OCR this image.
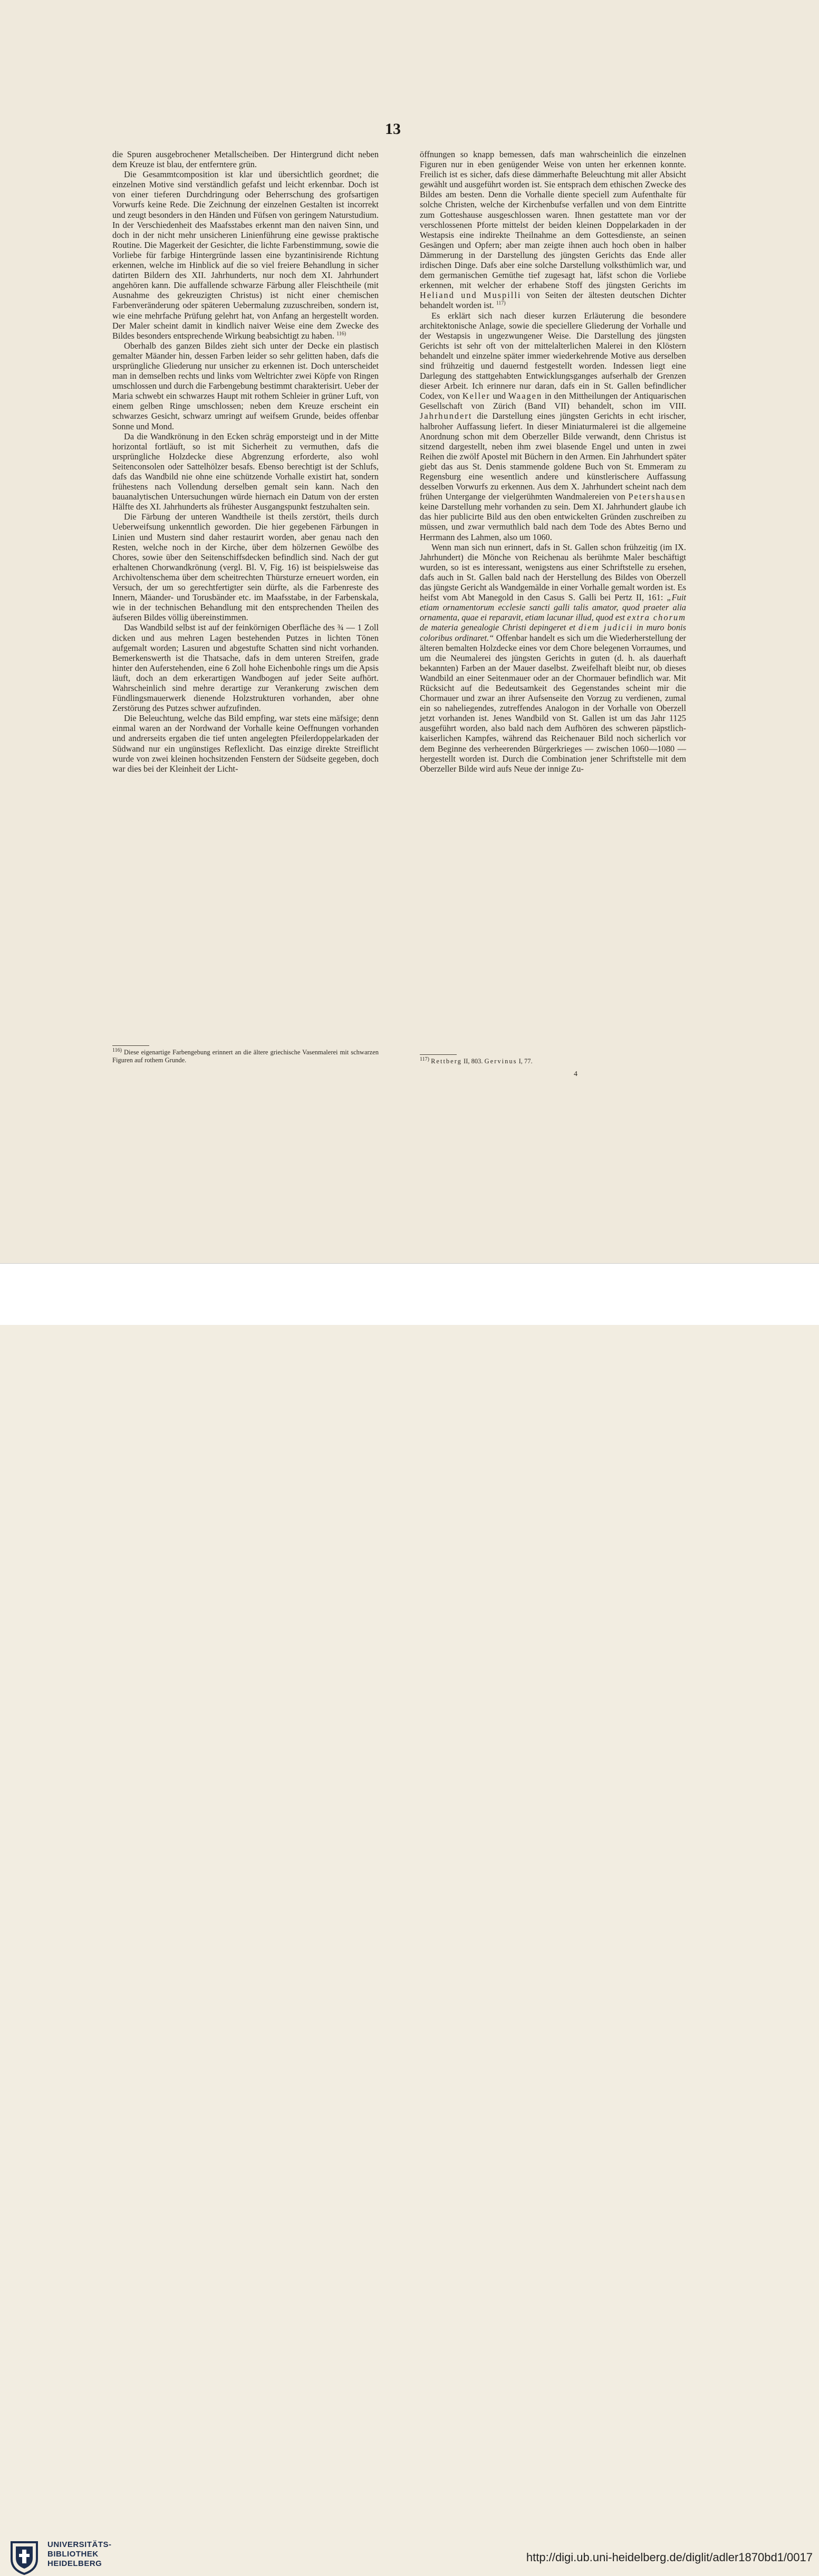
13

die Spuren ausgebrochener Metallscheiben. Der Hintergrund dicht neben dem Kreuze ist blau, der entferntere grün.

Die Gesammtcomposition ist klar und übersichtlich geordnet; die einzelnen Motive sind verständlich gefafst und leicht erkennbar. Doch ist von einer tieferen Durchdringung oder Beherrschung des grofsartigen Vorwurfs keine Rede. Die Zeichnung der einzelnen Gestalten ist incorrekt und zeugt besonders in den Händen und Füfsen von geringem Naturstudium. In der Verschiedenheit des Maafsstabes erkennt man den naiven Sinn, und doch in der nicht mehr unsicheren Linienführung eine gewisse praktische Routine. Die Magerkeit der Gesichter, die lichte Farbenstimmung, sowie die Vorliebe für farbige Hintergründe lassen eine byzantinisirende Richtung erkennen, welche im Hinblick auf die so viel freiere Behandlung in sicher datirten Bildern des XII. Jahrhunderts, nur noch dem XI. Jahrhundert angehören kann. Die auffallende schwarze Färbung aller Fleischtheile (mit Ausnahme des gekreuzigten Christus) ist nicht einer chemischen Farbenveränderung oder späteren Uebermalung zuzuschreiben, sondern ist, wie eine mehrfache Prüfung gelehrt hat, von Anfang an hergestellt worden. Der Maler scheint damit in kindlich naiver Weise eine dem Zwecke des Bildes besonders entsprechende Wirkung beabsichtigt zu haben. $^{116)}$

Oberhalb des ganzen Bildes zieht sich unter der Decke ein plastisch gemalter Mäander hin, dessen Farben leider so sehr gelitten haben, dafs die ursprüngliche Gliederung nur unsicher zu erkennen ist. Doch unterscheidet man in demselben rechts und links vom Weltrichter zwei Köpfe von Ringen umschlossen und durch die Farbengebung bestimmt charakterisirt. Ueber der Maria schwebt ein schwarzes Haupt mit rothem Schleier in grüner Luft, von einem gelben Ringe umschlossen; neben dem Kreuze erscheint ein schwarzes Gesicht, schwarz umringt auf weifsem Grunde, beides offenbar Sonne und Mond.

Da die Wandkrönung in den Ecken schräg emporsteigt und in der Mitte horizontal fortläuft, so ist mit Sicherheit zu vermuthen, dafs die ursprüngliche Holzdecke diese Abgrenzung erforderte, also wohl Seitenconsolen oder Sattelhölzer besafs. Ebenso berechtigt ist der Schlufs, dafs das Wandbild nie ohne eine schützende Vorhalle existirt hat, sondern frühestens nach Vollendung derselben gemalt sein kann. Nach den bauanalytischen Untersuchungen würde hiernach ein Datum von der ersten Hälfte des XI. Jahrhunderts als frühester Ausgangspunkt festzuhalten sein.

Die Färbung der unteren Wandtheile ist theils zerstört, theils durch Ueberweifsung unkenntlich geworden. Die hier gegebenen Färbungen in Linien und Mustern sind daher restaurirt worden, aber genau nach den Resten, welche noch in der Kirche, über dem hölzernen Gewölbe des Chores, sowie über den Seitenschiffsdecken befindlich sind. Nach der gut erhaltenen Chorwandkrönung (vergl. Bl. V, Fig. 16) ist beispielsweise das Archivoltenschema über dem scheitrechten Thürsturze erneuert worden, ein Versuch, der um so gerechtfertigter sein dürfte, als die Farbenreste des Innern, Mäander- und Torusbänder etc. im Maafsstabe, in der Farbenskala, wie in der technischen Behandlung mit den entsprechenden Theilen des äufseren Bildes völlig übereinstimmen.

Das Wandbild selbst ist auf der feinkörnigen Oberfläche des ¾ — 1 Zoll dicken und aus mehren Lagen bestehenden Putzes in lichten Tönen aufgemalt worden; Lasuren und abgestufte Schatten sind nicht vorhanden. Bemerkenswerth ist die Thatsache, dafs in dem unteren Streifen, grade hinter den Auferstehenden, eine 6 Zoll hohe Eichenbohle rings um die Apsis läuft, doch an dem erkerartigen Wandbogen auf jeder Seite aufhört. Wahrscheinlich sind mehre derartige zur Verankerung zwischen dem Fündlingsmauerwerk dienende Holzstrukturen vorhanden, aber ohne Zerstörung des Putzes schwer aufzufinden.

Die Beleuchtung, welche das Bild empfing, war stets eine mäfsige; denn einmal waren an der Nordwand der Vorhalle keine Oeffnungen vorhanden und andrerseits ergaben die tief unten angelegten Pfeilerdoppelarkaden der Südwand nur ein ungünstiges Reflexlicht. Das einzige direkte Streiflicht wurde von zwei kleinen hochsitzenden Fenstern der Südseite gegeben, doch war dies bei der Kleinheit der Licht-

öffnungen so knapp bemessen, dafs man wahrscheinlich die einzelnen Figuren nur in eben genügender Weise von unten her erkennen konnte. Freilich ist es sicher, dafs diese dämmerhafte Beleuchtung mit aller Absicht gewählt und ausgeführt worden ist. Sie entsprach dem ethischen Zwecke des Bildes am besten. Denn die Vorhalle diente speciell zum Aufenthalte für solche Christen, welche der Kirchenbufse verfallen und von dem Eintritte zum Gotteshause ausgeschlossen waren. Ihnen gestattete man vor der verschlossenen Pforte mittelst der beiden kleinen Doppelarkaden in der Westapsis eine indirekte Theilnahme an dem Gottesdienste, an seinen Gesängen und Opfern; aber man zeigte ihnen auch hoch oben in halber Dämmerung in der Darstellung des jüngsten Gerichts das Ende aller irdischen Dinge. Dafs aber eine solche Darstellung volksthümlich war, und dem germanischen Gemüthe tief zugesagt hat, läfst schon die Vorliebe erkennen, mit welcher der erhabene Stoff des jüngsten Gerichts im Heliand und Muspilli von Seiten der ältesten deutschen Dichter behandelt worden ist. $^{117)}$

Es erklärt sich nach dieser kurzen Erläuterung die besondere architektonische Anlage, sowie die speciellere Gliederung der Vorhalle und der Westapsis in ungezwungener Weise. Die Darstellung des jüngsten Gerichts ist sehr oft von der mittelalterlichen Malerei in den Klöstern behandelt und einzelne später immer wiederkehrende Motive aus derselben sind frühzeitig und dauernd festgestellt worden. Indessen liegt eine Darlegung des stattgehabten Entwicklungsganges aufserhalb der Grenzen dieser Arbeit. Ich erinnere nur daran, dafs ein in St. Gallen befindlicher Codex, von Keller und Waagen in den Mittheilungen der Antiquarischen Gesellschaft von Zürich (Band VII) behandelt, schon im VIII. Jahrhundert die Darstellung eines jüngsten Gerichts in echt irischer, halbroher Auffassung liefert. In dieser Miniaturmalerei ist die allgemeine Anordnung schon mit dem Oberzeller Bilde verwandt, denn Christus ist sitzend dargestellt, neben ihm zwei blasende Engel und unten in zwei Reihen die zwölf Apostel mit Büchern in den Armen. Ein Jahrhundert später giebt das aus St. Denis stammende goldene Buch von St. Emmeram zu Regensburg eine wesentlich andere und künstlerischere Auffassung desselben Vorwurfs zu erkennen. Aus dem X. Jahrhundert scheint nach dem frühen Untergange der vielgerühmten Wandmalereien von Petershausen keine Darstellung mehr vorhanden zu sein. Dem XI. Jahrhundert glaube ich das hier publicirte Bild aus den oben entwickelten Gründen zuschreiben zu müssen, und zwar vermuthlich bald nach dem Tode des Abtes Berno und Herrmann des Lahmen, also um 1060.

Wenn man sich nun erinnert, dafs in St. Gallen schon frühzeitig (im IX. Jahrhundert) die Mönche von Reichenau als berühmte Maler beschäftigt wurden, so ist es interessant, wenigstens aus einer Schriftstelle zu ersehen, dafs auch in St. Gallen bald nach der Herstellung des Bildes von Oberzell das jüngste Gericht als Wandgemälde in einer Vorhalle gemalt worden ist. Es heifst vom Abt Manegold in den Casus S. Galli bei Pertz II, 161: „Fuit etiam ornamentorum ecclesie sancti galli talis amator, quod praeter alia ornamenta, quae ei reparavit, etiam lacunar illud, quod est extra chorum de materia genealogie Christi depingeret et diem judicii in muro bonis coloribus ordinaret.“ Offenbar handelt es sich um die Wiederherstellung der älteren bemalten Holzdecke eines vor dem Chore belegenen Vorraumes, und um die Neumalerei des jüngsten Gerichts in guten (d. h. als dauerhaft bekannten) Farben an der Mauer daselbst. Zweifelhaft bleibt nur, ob dieses Wandbild an einer Seitenmauer oder an der Chormauer befindlich war. Mit Rücksicht auf die Bedeutsamkeit des Gegenstandes scheint mir die Chormauer und zwar an ihrer Aufsenseite den Vorzug zu verdienen, zumal ein so naheliegendes, zutreffendes Analogon in der Vorhalle von Oberzell jetzt vorhanden ist. Jenes Wandbild von St. Gallen ist um das Jahr 1125 ausgeführt worden, also bald nach dem Aufhören des schweren päpstlich-kaiserlichen Kampfes, während das Reichenauer Bild noch sicherlich vor dem Beginne des verheerenden Bürgerkrieges — zwischen 1060—1080 — hergestellt worden ist. Durch die Combination jener Schriftstelle mit dem Oberzeller Bilde wird aufs Neue der innige Zu-

$^{116)}$ Diese eigenartige Farbengebung erinnert an die ältere griechische Vasenmalerei mit schwarzen Figuren auf rothem Grunde.	$^{117)}$ Rettberg II, 803. Gervinus I, 77.
4
UNIVERSITÄTS-
BIBLIOTHEK
HEIDELBERG	http://digi.ub.uni-heidelberg.de/diglit/adler1870bd1/0017
